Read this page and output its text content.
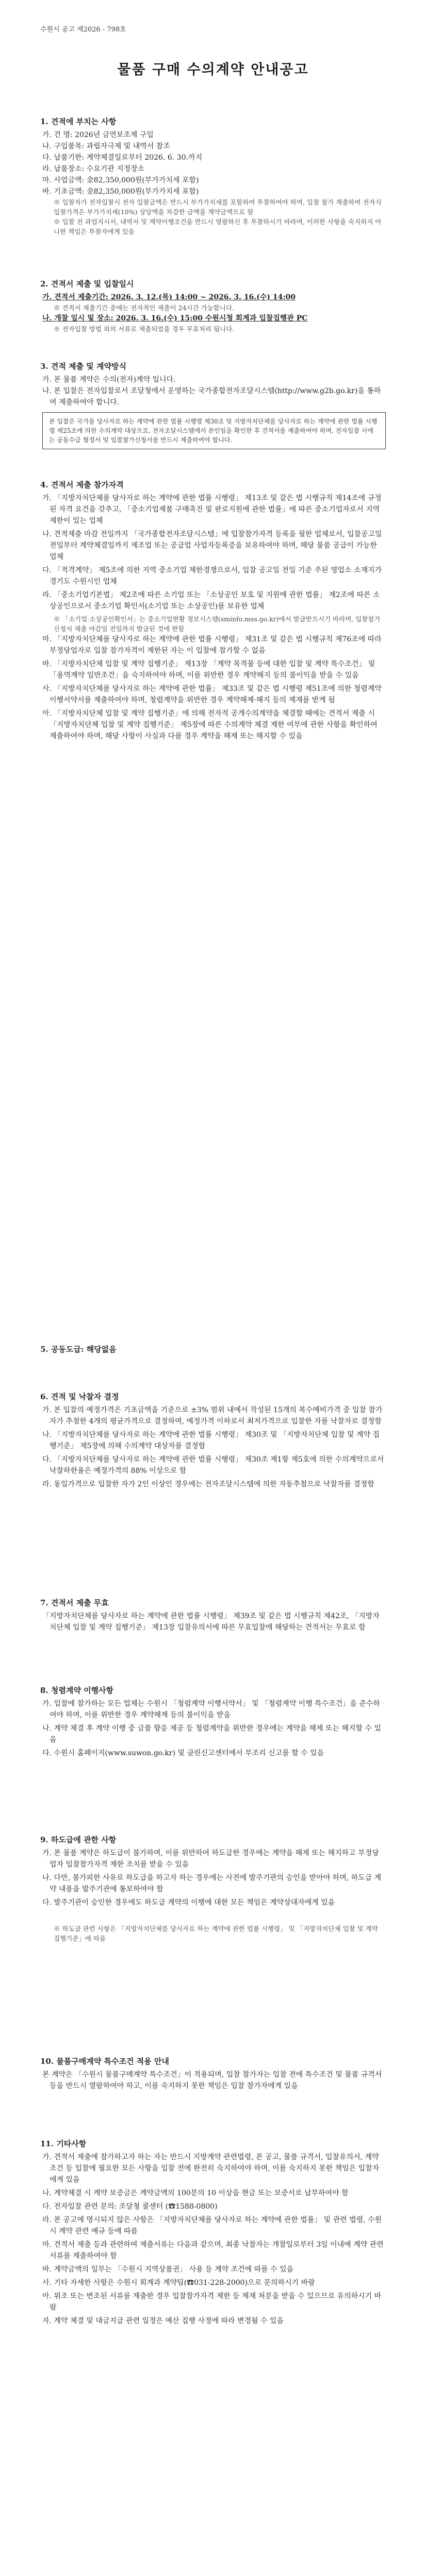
수원시 공고 제2026 - 798호
물품 구매 수의계약 안내공고

1. 견적에 부치는 사항

가. 건 명: 2026년 금연보조제 구입

나. 구입품목: 과립자극제 및 내역서 참조

다. 납품기한: 계약체결일로부터 2026. 6. 30.까지

라. 납품장소: 수요기관 지정장소

마. 사업금액: 金82,350,000원(부가가치세 포함)

바. 기초금액: 金82,350,000원(부가가치세 포함)

※ 입찰자가 전자입찰시 전자 입찰금액은 반드시 부가가치세를 포함하여 투찰하여야 하며, 입찰 참가 제출하여 전자식 입찰가격은 부가가치세(10%) 상당액을 차감한 금액을 계약금액으로 함

※ 입찰 전 과업지시서, 내역서 및 계약이행조건을 반드시 열람하신 후 투찰하시기 바라며, 이러한 사항을 숙지하지 아니한 책임은 투찰자에게 있음

2. 견적서 제출 및 입찰일시

가. 견적서 제출기간: 2026. 3. 12.(목) 14:00 ~ 2026. 3. 16.(수) 14:00

※ 견적서 제출기간 중에는 전자적인 제출이 24시간 가능합니다.

나. 개찰 일시 및 장소: 2026. 3. 16.(수) 15:00 수원시청 회계과 입찰집행관 PC

※ 전자입찰 방법 외의 서류로 제출되었을 경우 무효처리 됩니다.

3. 견적 제출 및 계약방식

가. 본 물품 계약은 수의(전자)계약 입니다.

나. 본 입찰은 전자입찰로서 조달청에서 운영하는 국가종합전자조달시스템(http://www.g2b.go.kr)을 통하여 제출하여야 합니다.

본 입찰은 국가를 당사자로 하는 계약에 관한 법률 시행령 제30조 및 지방자치단체를 당사자로 하는 계약에 관한 법률 시행령 제25조에 의한 수의계약 대상으로, 전자조달시스템에서 본인임을 확인한 후 견적서를 제출하여야 하며, 전자입찰 시에는 공동수급 협정서 및 입찰참가신청서를 반드시 제출하여야 합니다.

4. 견적서 제출 참가자격

가. 「지방자치단체를 당사자로 하는 계약에 관한 법률 시행령」 제13조 및 같은 법 시행규칙 제14조에 규정된 자격 요건을 갖추고, 「중소기업제품 구매촉진 및 판로지원에 관한 법률」에 따른 중소기업자로서 지역 제한이 있는 업체

나. 견적제출 마감 전일까지 「국가종합전자조달시스템」에 입찰참가자격 등록을 필한 업체로서, 입찰공고일 전일부터 계약체결일까지 제조업 또는 공급업 사업자등록증을 보유하여야 하며, 해당 물품 공급이 가능한 업체

다. 「적격계약」 제5조에 의한 지역 중소기업 제한경쟁으로서, 입찰 공고일 전일 기준 주된 영업소 소재지가 경기도 수원시인 업체

라. 「중소기업기본법」 제2조에 따른 소기업 또는 「소상공인 보호 및 지원에 관한 법률」 제2조에 따른 소상공인으로서 중소기업 확인서(소기업 또는 소상공인)를 보유한 업체

※ 「소기업·소상공인확인서」는 중소기업현황 정보시스템(sminfo.mss.go.kr)에서 발급받으시기 바라며, 입찰참가신청서 제출 마감일 전일까지 발급된 것에 한함

마. 「지방자치단체를 당사자로 하는 계약에 관한 법률 시행령」 제31조 및 같은 법 시행규칙 제76조에 따라 부정당업자로 입찰 참가자격이 제한된 자는 이 입찰에 참가할 수 없음

바. 「지방자치단체 입찰 및 계약 집행기준」 제13장 「계약 목적물 등에 대한 입찰 및 계약 특수조건」 및 「용역계약 일반조건」을 숙지하여야 하며, 이를 위반한 경우 계약해지 등의 불이익을 받을 수 있음

사. 「지방자치단체를 당사자로 하는 계약에 관한 법률」 제33조 및 같은 법 시행령 제51조에 의한 청렴계약 이행서약서를 제출하여야 하며, 청렴계약을 위반한 경우 계약해제·해지 등의 제재를 받게 됨

아. 「지방자치단체 입찰 및 계약 집행기준」에 의해 전자적 공개수의계약을 체결할 때에는 견적서 제출 시 「지방자치단체 입찰 및 계약 집행기준」 제5장에 따른 수의계약 체결 제한 여부에 관한 사항을 확인하여 제출하여야 하며, 해당 사항이 사실과 다를 경우 계약을 해제 또는 해지할 수 있음

5. 공동도급: 해당없음

6. 견적 및 낙찰자 결정

가. 본 입찰의 예정가격은 기초금액을 기준으로 ±3% 범위 내에서 작성된 15개의 복수예비가격 중 입찰 참가자가 추첨한 4개의 평균가격으로 결정하며, 예정가격 이하로서 최저가격으로 입찰한 자를 낙찰자로 결정함

나. 「지방자치단체를 당사자로 하는 계약에 관한 법률 시행령」 제30조 및 「지방자치단체 입찰 및 계약 집행기준」 제5장에 의해 수의계약 대상자를 결정함

다. 「지방자치단체를 당사자로 하는 계약에 관한 법률 시행령」 제30조 제1항 제5호에 의한 수의계약으로서 낙찰하한율은 예정가격의 88% 이상으로 함

라. 동일가격으로 입찰한 자가 2인 이상인 경우에는 전자조달시스템에 의한 자동추첨으로 낙찰자를 결정함

7. 견적서 제출 무효

「지방자치단체를 당사자로 하는 계약에 관한 법률 시행령」 제39조 및 같은 법 시행규칙 제42조, 「지방자치단체 입찰 및 계약 집행기준」 제13장 입찰유의서에 따른 무효입찰에 해당하는 견적서는 무효로 함

8. 청렴계약 이행사항

가. 입찰에 참가하는 모든 업체는 수원시 「청렴계약 이행서약서」 및 「청렴계약 이행 특수조건」을 준수하여야 하며, 이를 위반한 경우 계약해제 등의 불이익을 받음

나. 계약 체결 후 계약 이행 중 금품 향응 제공 등 청렴계약을 위반한 경우에는 계약을 해제 또는 해지할 수 있음

다. 수원시 홈페이지(www.suwon.go.kr) 및 클린신고센터에서 부조리 신고를 할 수 있음

9. 하도급에 관한 사항

가. 본 물품 계약은 하도급이 불가하며, 이를 위반하여 하도급한 경우에는 계약을 해제 또는 해지하고 부정당업자 입찰참가자격 제한 조치를 받을 수 있음

나. 다만, 불가피한 사유로 하도급을 하고자 하는 경우에는 사전에 발주기관의 승인을 받아야 하며, 하도급 계약 내용을 발주기관에 통보하여야 함

다. 발주기관이 승인한 경우에도 하도급 계약의 이행에 대한 모든 책임은 계약상대자에게 있음

※ 하도급 관련 사항은 「지방자치단체를 당사자로 하는 계약에 관한 법률 시행령」 및 「지방자치단체 입찰 및 계약 집행기준」에 따름

10. 물품구매계약 특수조건 적용 안내

본 계약은 「수원시 물품구매계약 특수조건」이 적용되며, 입찰 참가자는 입찰 전에 특수조건 및 물품 규격서 등을 반드시 열람하여야 하고, 이를 숙지하지 못한 책임은 입찰 참가자에게 있음

11. 기타사항

가. 견적서 제출에 참가하고자 하는 자는 반드시 지방계약 관련법령, 본 공고, 물품 규격서, 입찰유의서, 계약조건 등 입찰에 필요한 모든 사항을 입찰 전에 완전히 숙지하여야 하며, 이를 숙지하지 못한 책임은 입찰자에게 있음

나. 계약체결 시 계약 보증금은 계약금액의 100분의 10 이상을 현금 또는 보증서로 납부하여야 함

다. 전자입찰 관련 문의: 조달청 콜센터 (☎1588-0800)

라. 본 공고에 명시되지 않은 사항은 「지방자치단체를 당사자로 하는 계약에 관한 법률」 및 관련 법령, 수원시 계약 관련 예규 등에 따름

마. 견적서 제출 등과 관련하여 제출서류는 다음과 같으며, 최종 낙찰자는 개찰일로부터 3일 이내에 계약 관련 서류를 제출하여야 함

바. 계약금액의 일부는 「수원시 지역상품권」 사용 등 계약 조건에 따를 수 있음

사. 기타 자세한 사항은 수원시 회계과 계약팀(☎031-228-2000)으로 문의하시기 바람

아. 위조 또는 변조된 서류를 제출한 경우 입찰참가자격 제한 등 제재 처분을 받을 수 있으므로 유의하시기 바람

자. 계약 체결 및 대금지급 관련 일정은 예산 집행 사정에 따라 변경될 수 있음
